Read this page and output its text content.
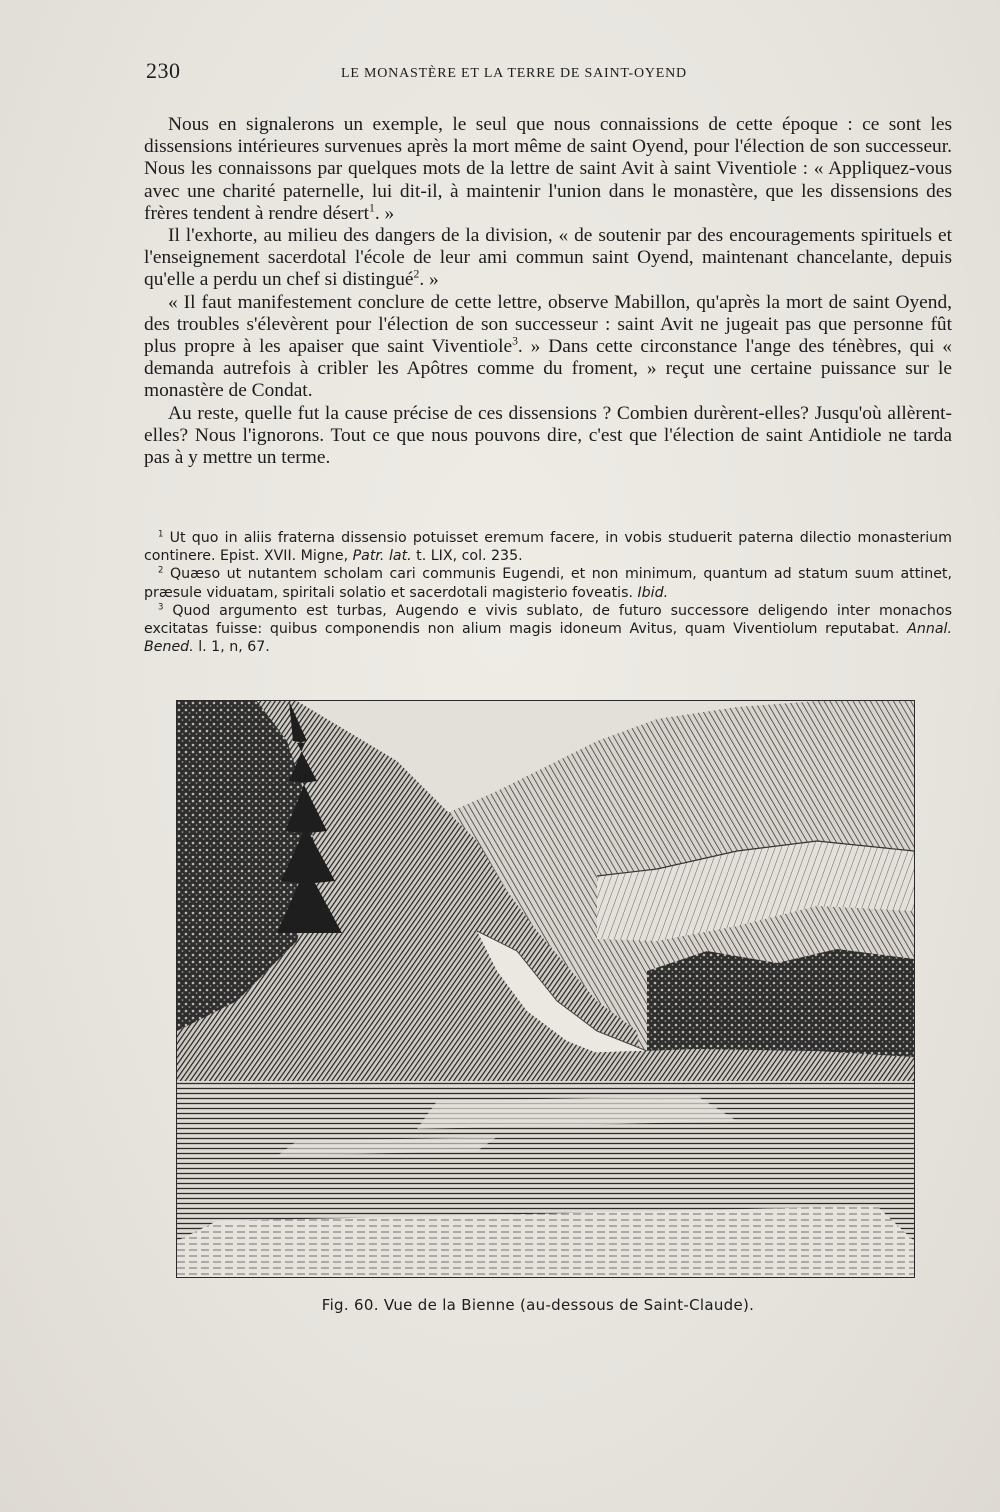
230	LE MONASTÈRE ET LA TERRE DE SAINT-OYEND

Nous en signalerons un exemple, le seul que nous connaissions de cette époque : ce sont les dissensions intérieures survenues après la mort même de saint Oyend, pour l'élection de son successeur. Nous les connaissons par quelques mots de la lettre de saint Avit à saint Viventiole : « Appliquez-vous avec une charité paternelle, lui dit-il, à maintenir l'union dans le monastère, que les dissensions des frères tendent à rendre désert$^1$. »

Il l'exhorte, au milieu des dangers de la division, « de soutenir par des encouragements spirituels et l'enseignement sacerdotal l'école de leur ami commun saint Oyend, maintenant chancelante, depuis qu'elle a perdu un chef si distingué$^2$. »

« Il faut manifestement conclure de cette lettre, observe Mabillon, qu'après la mort de saint Oyend, des troubles s'élevèrent pour l'élection de son successeur : saint Avit ne jugeait pas que personne fût plus propre à les apaiser que saint Viventiole$^3$. » Dans cette circonstance l'ange des ténèbres, qui « demanda autrefois à cribler les Apôtres comme du froment, » reçut une certaine puissance sur le monastère de Condat.

Au reste, quelle fut la cause précise de ces dissensions ? Combien durèrent-elles? Jusqu'où allèrent-elles? Nous l'ignorons. Tout ce que nous pouvons dire, c'est que l'élection de saint Antidiole ne tarda pas à y mettre un terme.

$^1$ Ut quo in aliis fraterna dissensio potuisset eremum facere, in vobis studuerit paterna dilectio monasterium continere. Epist. XVII. Migne, Patr. lat. t. LIX, col. 235.

$^2$ Quæso ut nutantem scholam cari communis Eugendi, et non minimum, quantum ad statum suum attinet, præsule viduatam, spiritali solatio et sacerdotali magisterio foveatis. Ibid.

$^3$ Quod argumento est turbas, Augendo e vivis sublato, de futuro successore deligendo inter monachos excitatas fuisse: quibus componendis non alium magis idoneum Avitus, quam Viventiolum reputabat. Annal. Bened. l. 1, n, 67.

Fig. 60. Vue de la Bienne (au-dessous de Saint-Claude).
